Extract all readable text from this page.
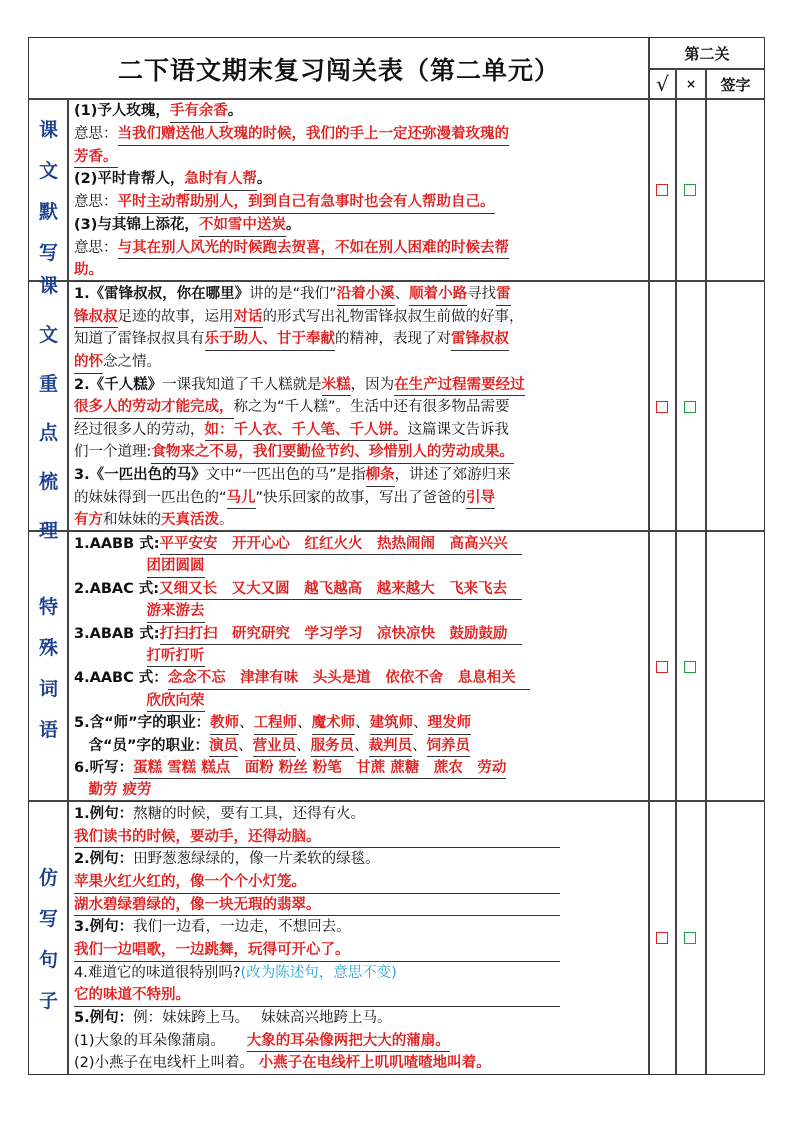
二下语文期末复习闯关表（第二单元）
第二关
√	×	签字
课
文
默
写
(1)予人玫瑰，手有余香。
意思：当我们赠送他人玫瑰的时候，我们的手上一定还弥漫着玫瑰的
芳香。
(2)平时肯帮人，急时有人帮。
意思：平时主动帮助别人，到到自己有急事时也会有人帮助自己。
(3)与其锦上添花，不如雪中送炭。
意思：与其在别人风光的时候跑去贺喜，不如在别人困难的时候去帮
助。
课
文
重
点
梳
理
1.《雷锋叔叔，你在哪里》讲的是“我们”沿着小溪、顺着小路寻找雷
锋叔叔足迹的故事，运用对话的形式写出礼物雷锋叔叔生前做的好事，
知道了雷锋叔叔具有乐于助人、甘于奉献的精神，表现了对雷锋叔叔
的怀念之情。
2.《千人糕》一课我知道了千人糕就是米糕，因为在生产过程需要经过
很多人的劳动才能完成，称之为“千人糕”。生活中还有很多物品需要
经过很多人的劳动，如：千人衣、千人笔、千人饼。这篇课文告诉我
们一个道理:食物来之不易，我们要勤俭节约、珍惜别人的劳动成果。
3.《一匹出色的马》文中“一匹出色的马”是指柳条，讲述了郊游归来
的妹妹得到一匹出色的“马儿”快乐回家的故事，写出了爸爸的引导
有方和妹妹的天真活泼。
特
殊
词
语
1.AABB 式:平平安安　开开心心　红红火火　热热闹闹　高高兴兴　
　　　　　团团圆圆
2.ABAC 式:又细又长　又大又圆　越飞越高　越来越大　飞来飞去　
　　　　　游来游去
3.ABAB 式:打扫打扫　研究研究　学习学习　凉快凉快　鼓励鼓励　
　　　　　打听打听
4.AABC 式：念念不忘　津津有味　头头是道　依依不舍　息息相关　
　　　　　欣欣向荣
5.含“师”字的职业：教师、工程师、魔术师、建筑师、理发师
　含“员”字的职业：演员、营业员、服务员、裁判员、饲养员
6.听写：蛋糕 雪糕 糕点　面粉 粉丝 粉笔　甘蔗 蔗糖　蔗农　劳动
　勤劳 疲劳
仿
写
句
子
1.例句：熬糖的时候，要有工具，还得有火。
我们读书的时候，要动手，还得动脑。　　　　　　　　　　　　　　　　　
2.例句：田野葱葱绿绿的，像一片柔软的绿毯。
苹果火红火红的，像一个个小灯笼。　　　　　　　　　　　　　　　　　　
湖水碧绿碧绿的，像一块无瑕的翡翠。　　　　　　　　　　　　　　　　　
3.例句：我们一边看，一边走，不想回去。
我们一边唱歌，一边跳舞，玩得可开心了。　　　　　　　　　　　　　　　
4.难道它的味道很特别吗?(改为陈述句，意思不变)
它的味道不特别。　　　　　　　　　　　　　　　　　　　　　　　　　　
5.例句：例：妹妹跨上马。　 妹妹高兴地跨上马。
(1)大象的耳朵像蒲扇。　　大象的耳朵像两把大大的蒲扇。
(2)小燕子在电线杆上叫着。 小燕子在电线杆上叽叽喳喳地叫着。
